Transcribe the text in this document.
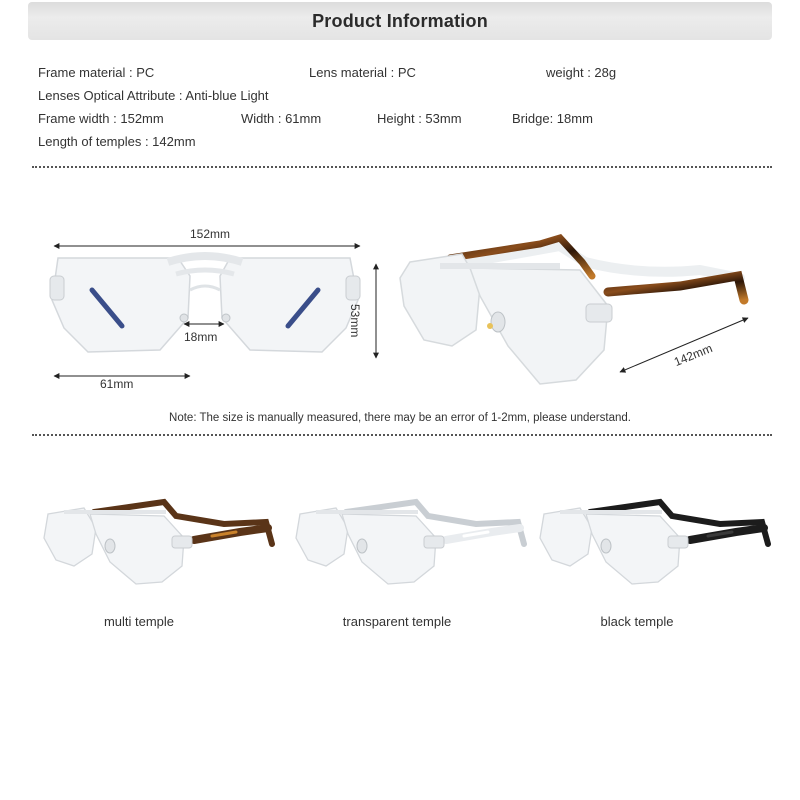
Product Information
Frame material : PC	Lens material : PC	weight : 28g
Lenses Optical Attribute : Anti-blue Light
Frame width : 152mm	Width : 61mm	Height : 53mm	Bridge: 18mm
Length of temples : 142mm
152mm
18mm
61mm
53mm
142mm
Note: The size is manually measured, there may be an error of 1-2mm, please understand.
multi temple	transparent temple	black temple
